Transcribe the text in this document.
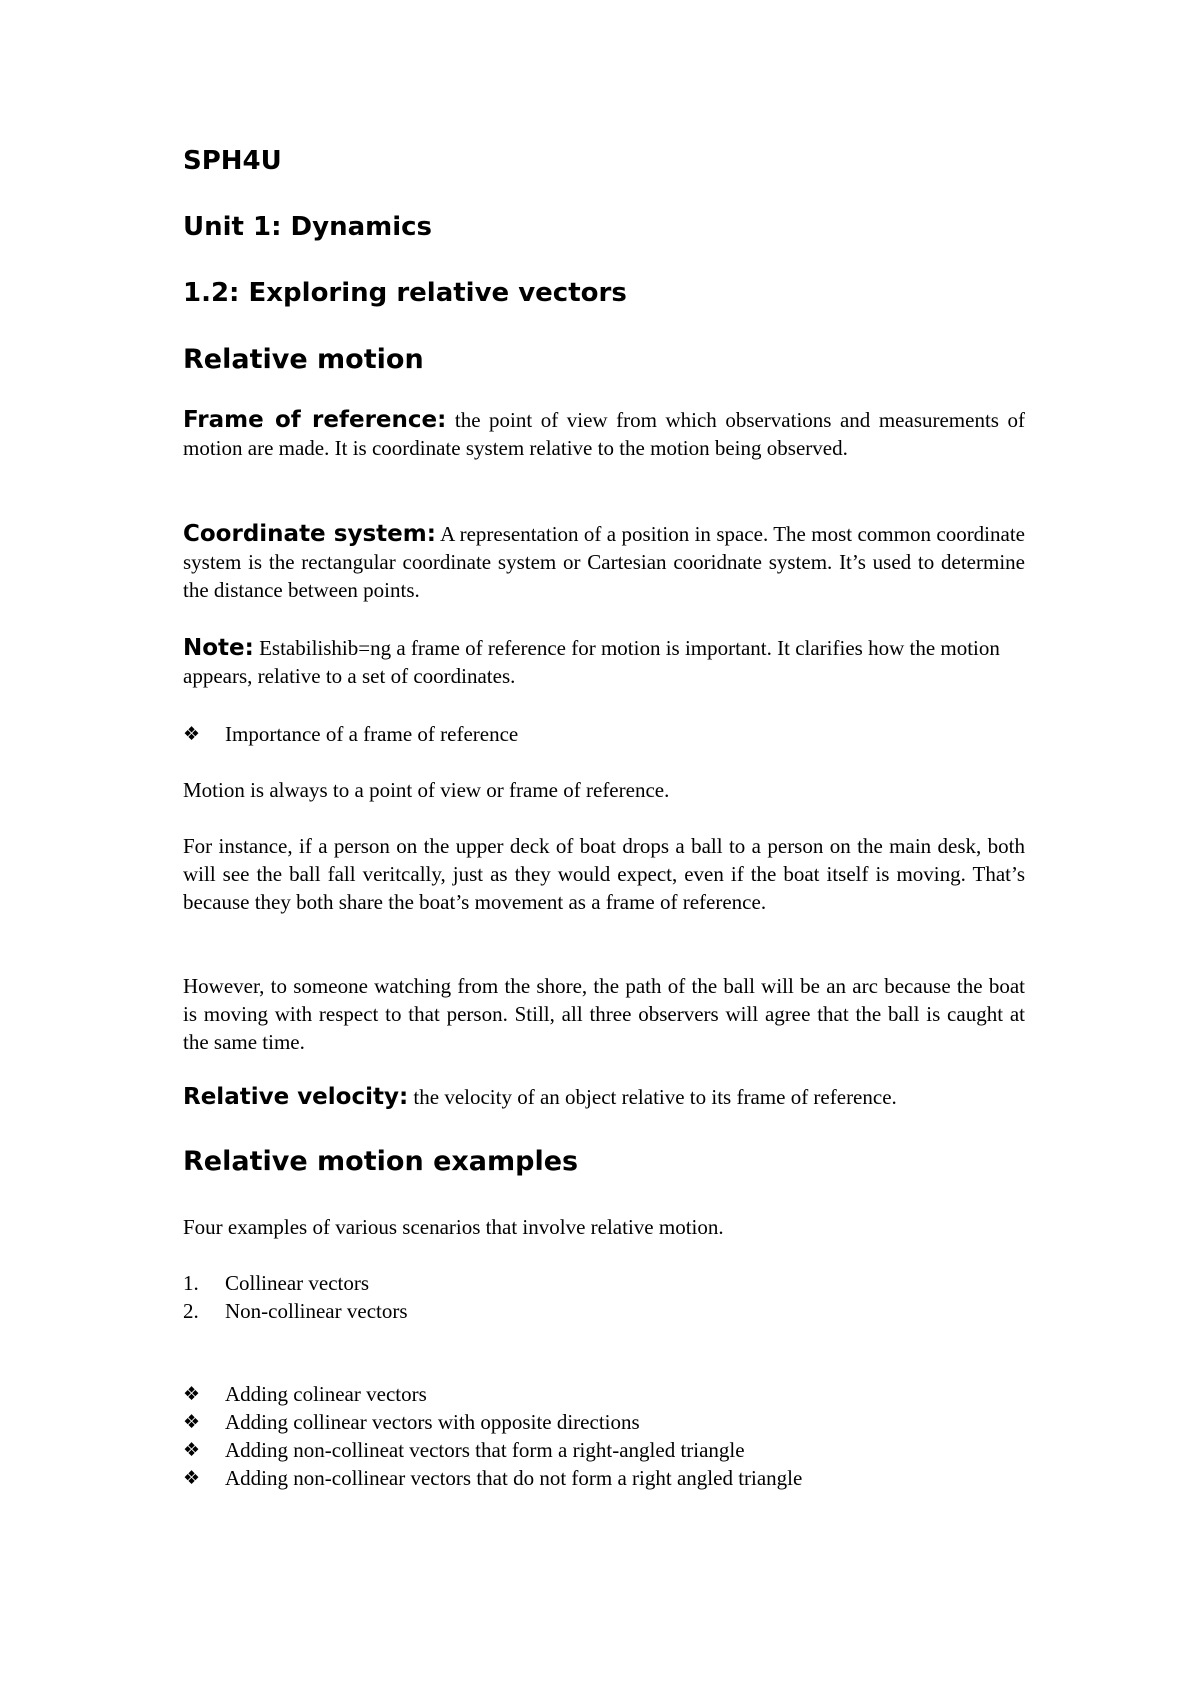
SPH4U
Unit 1: Dynamics
1.2: Exploring relative vectors
Relative motion

Frame of reference: the point of view from which observations and measurements of motion are made. It is coordinate system relative to the motion being observed.

Coordinate system: A representation of a position in space. The most common coordinate system is the rectangular coordinate system or Cartesian cooridnate system. It’s used to determine the distance between points.

Note: Estabilishib=ng a frame of reference for motion is important. It clarifies how the motion appears, relative to a set of coordinates.

❖ Importance of a frame of reference

Motion is always to a point of view or frame of reference.

For instance, if a person on the upper deck of boat drops a ball to a person on the main desk, both will see the ball fall veritcally, just as they would expect, even if the boat itself is moving. That’s because they both share the boat’s movement as a frame of reference.

However, to someone watching from the shore, the path of the ball will be an arc because the boat is moving with respect to that person. Still, all three observers will agree that the ball is caught at the same time.

Relative velocity: the velocity of an object relative to its frame of reference.

Relative motion examples

Four examples of various scenarios that involve relative motion.

1. Collinear vectors
2. Non-collinear vectors
❖ Adding colinear vectors
❖ Adding collinear vectors with opposite directions
❖ Adding non-collineat vectors that form a right-angled triangle
❖ Adding non-collinear vectors that do not form a right angled triangle
